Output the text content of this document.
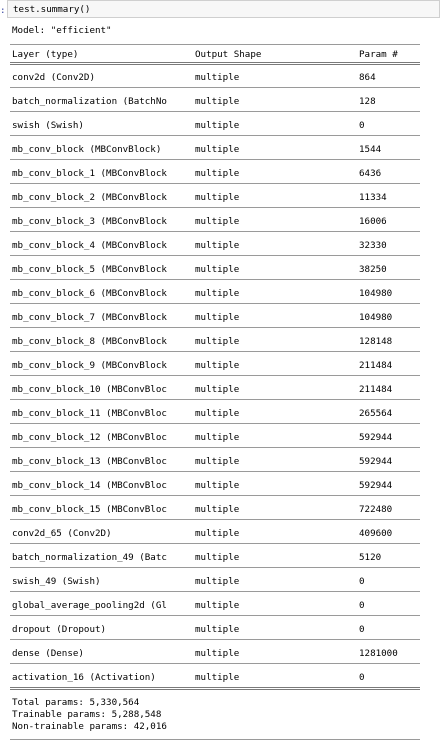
: test.summary()
Model: "efficient"
Layer (type)	Output Shape	Param #
conv2d (Conv2D)	multiple	864
batch_normalization (BatchNo	multiple	128
swish (Swish)	multiple	0
mb_conv_block (MBConvBlock)	multiple	1544
mb_conv_block_1 (MBConvBlock	multiple	6436
mb_conv_block_2 (MBConvBlock	multiple	11334
mb_conv_block_3 (MBConvBlock	multiple	16006
mb_conv_block_4 (MBConvBlock	multiple	32330
mb_conv_block_5 (MBConvBlock	multiple	38250
mb_conv_block_6 (MBConvBlock	multiple	104980
mb_conv_block_7 (MBConvBlock	multiple	104980
mb_conv_block_8 (MBConvBlock	multiple	128148
mb_conv_block_9 (MBConvBlock	multiple	211484
mb_conv_block_10 (MBConvBloc	multiple	211484
mb_conv_block_11 (MBConvBloc	multiple	265564
mb_conv_block_12 (MBConvBloc	multiple	592944
mb_conv_block_13 (MBConvBloc	multiple	592944
mb_conv_block_14 (MBConvBloc	multiple	592944
mb_conv_block_15 (MBConvBloc	multiple	722480
conv2d_65 (Conv2D)	multiple	409600
batch_normalization_49 (Batc	multiple	5120
swish_49 (Swish)	multiple	0
global_average_pooling2d (Gl	multiple	0
dropout (Dropout)	multiple	0
dense (Dense)	multiple	1281000
activation_16 (Activation)	multiple	0
Total params: 5,330,564
Trainable params: 5,288,548
Non-trainable params: 42,016
